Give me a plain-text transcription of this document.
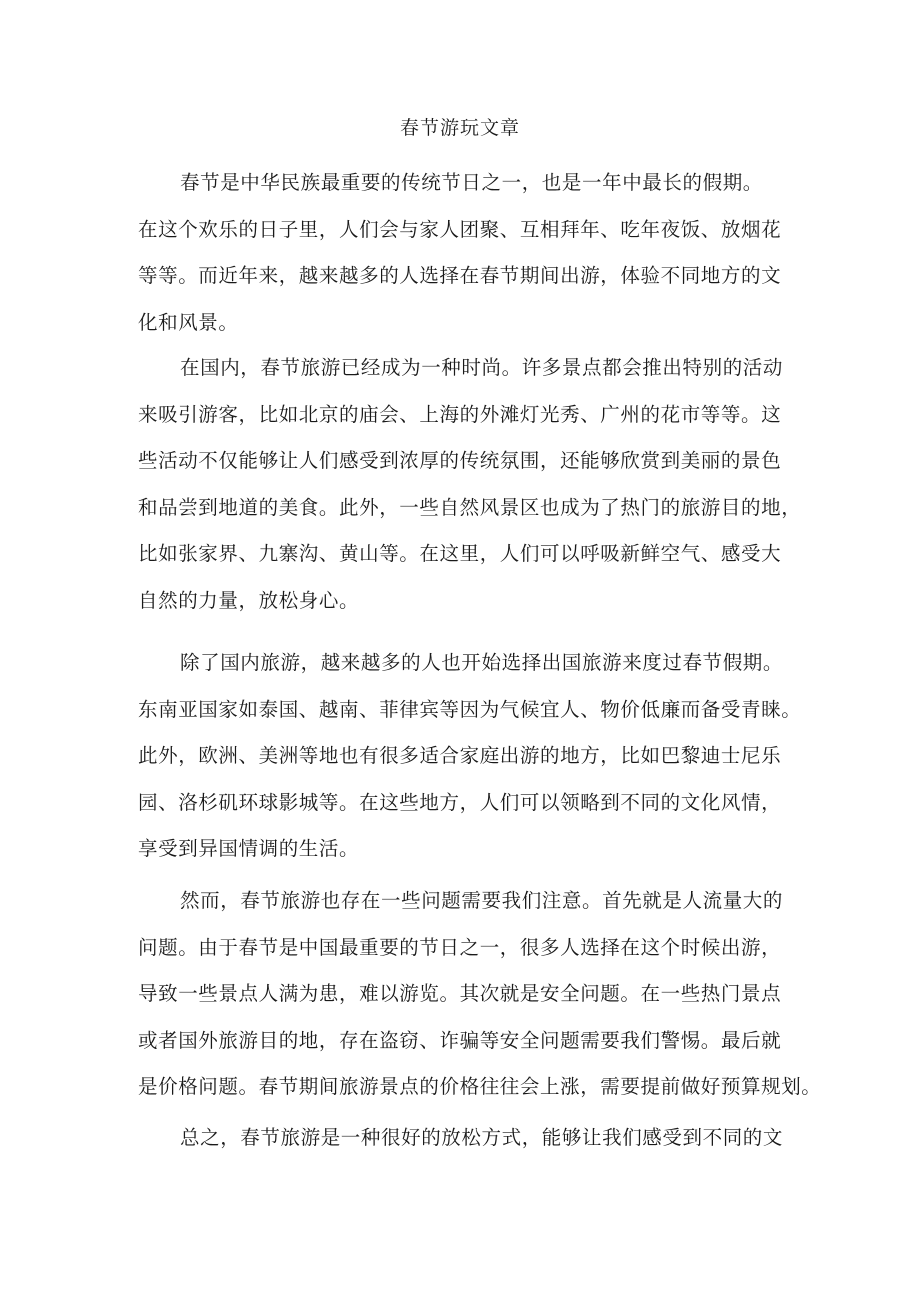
春节游玩文章
春节是中华民族最重要的传统节日之一，也是一年中最长的假期。
在这个欢乐的日子里，人们会与家人团聚、互相拜年、吃年夜饭、放烟花
等等。而近年来，越来越多的人选择在春节期间出游，体验不同地方的文
化和风景。
在国内，春节旅游已经成为一种时尚。许多景点都会推出特别的活动
来吸引游客，比如北京的庙会、上海的外滩灯光秀、广州的花市等等。这
些活动不仅能够让人们感受到浓厚的传统氛围，还能够欣赏到美丽的景色
和品尝到地道的美食。此外，一些自然风景区也成为了热门的旅游目的地，
比如张家界、九寨沟、黄山等。在这里，人们可以呼吸新鲜空气、感受大
自然的力量，放松身心。
除了国内旅游，越来越多的人也开始选择出国旅游来度过春节假期。
东南亚国家如泰国、越南、菲律宾等因为气候宜人、物价低廉而备受青睐。
此外，欧洲、美洲等地也有很多适合家庭出游的地方，比如巴黎迪士尼乐
园、洛杉矶环球影城等。在这些地方，人们可以领略到不同的文化风情，
享受到异国情调的生活。
然而，春节旅游也存在一些问题需要我们注意。首先就是人流量大的
问题。由于春节是中国最重要的节日之一，很多人选择在这个时候出游，
导致一些景点人满为患，难以游览。其次就是安全问题。在一些热门景点
或者国外旅游目的地，存在盗窃、诈骗等安全问题需要我们警惕。最后就
是价格问题。春节期间旅游景点的价格往往会上涨，需要提前做好预算规划。
总之，春节旅游是一种很好的放松方式，能够让我们感受到不同的文
